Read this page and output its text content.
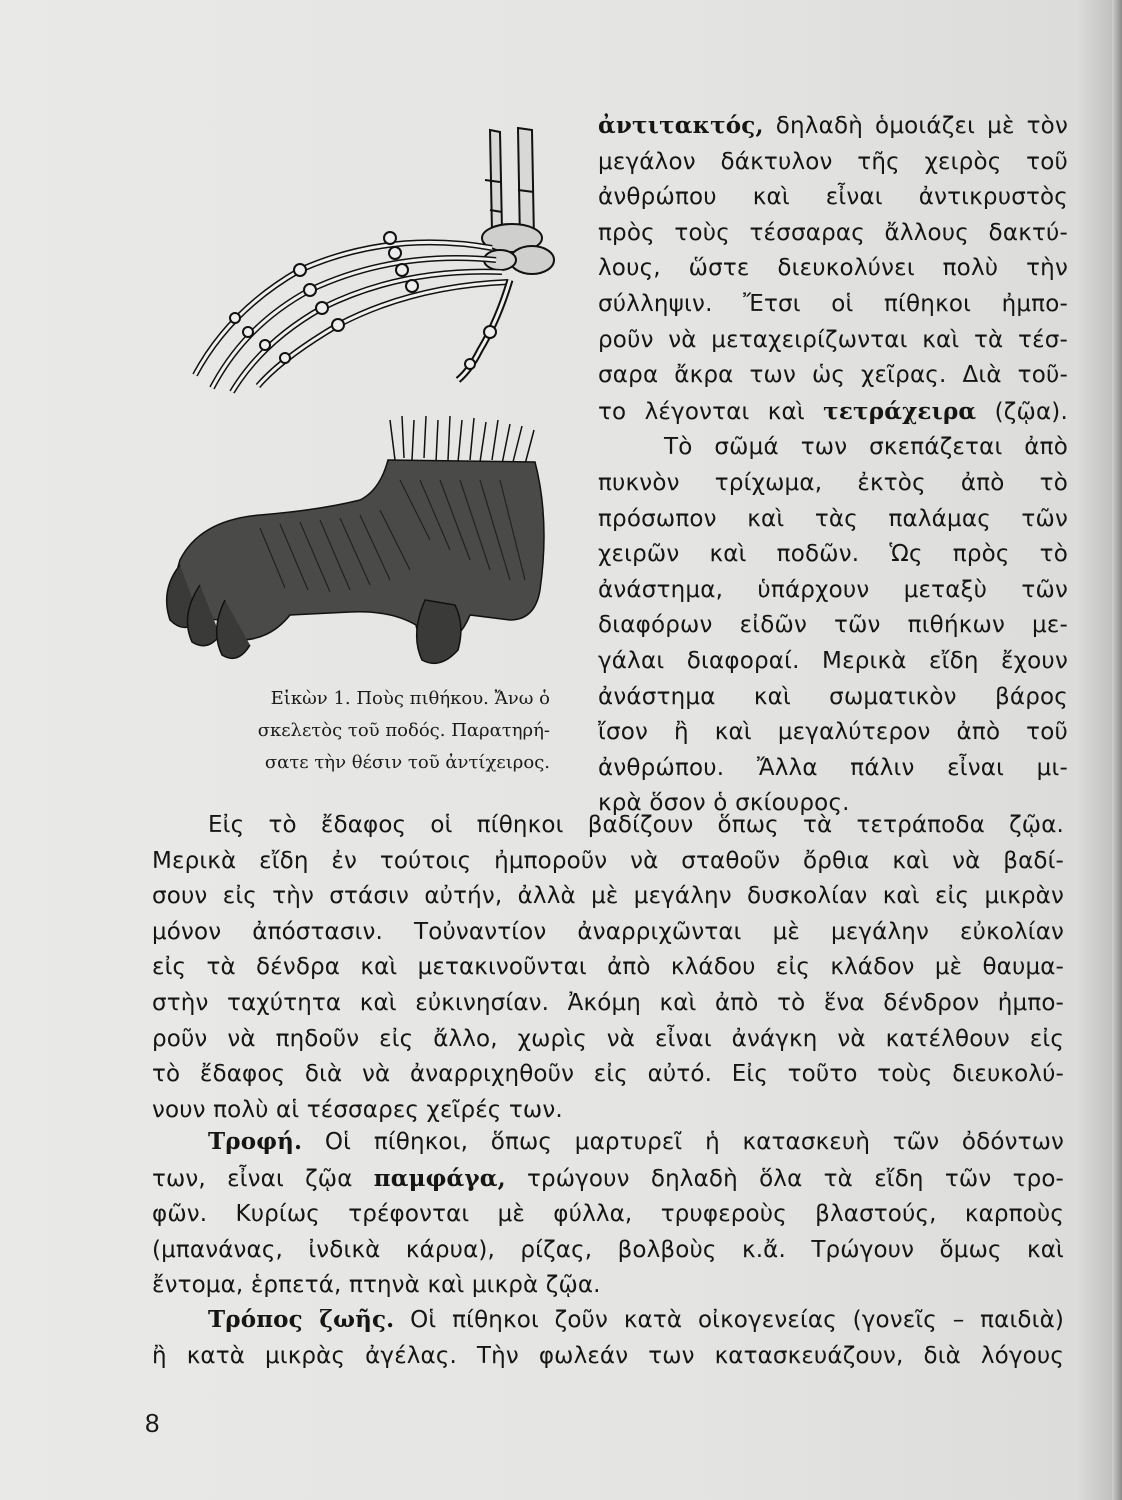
Εἰκὼν 1. Ποὺς πιθήκου. Ἄνω ὁ
σκελετὸς τοῦ ποδός. Παρατηρή-
σατε τὴν θέσιν τοῦ ἀντίχειρος.
ἀντιτακτός, δηλαδὴ ὁμοιάζει μὲ τὸν
μεγάλον δάκτυλον τῆς χειρὸς τοῦ
ἀνθρώπου καὶ εἶναι ἀντικρυστὸς
πρὸς τοὺς τέσσαρας ἄλλους δακτύ-
λους, ὥστε διευκολύνει πολὺ τὴν
σύλληψιν. Ἔτσι οἱ πίθηκοι ἠμπο-
ροῦν νὰ μεταχειρίζωνται καὶ τὰ τέσ-
σαρα ἄκρα των ὡς χεῖρας. Διὰ τοῦ-
το λέγονται καὶ τετράχειρα (ζῷα).
Τὸ σῶμά των σκεπάζεται ἀπὸ
πυκνὸν τρίχωμα, ἐκτὸς ἀπὸ τὸ
πρόσωπον καὶ τὰς παλάμας τῶν
χειρῶν καὶ ποδῶν. Ὡς πρὸς τὸ
ἀνάστημα, ὑπάρχουν μεταξὺ τῶν
διαφόρων εἰδῶν τῶν πιθήκων με-
γάλαι διαφοραί. Μερικὰ εἴδη ἔχουν
ἀνάστημα καὶ σωματικὸν βάρος
ἴσον ἢ καὶ μεγαλύτερον ἀπὸ τοῦ
ἀνθρώπου. Ἄλλα πάλιν εἶναι μι-
κρὰ ὅσον ὁ σκίουρος.
Εἰς τὸ ἔδαφος οἱ πίθηκοι βαδίζουν ὅπως τὰ τετράποδα ζῷα.
Μερικὰ εἴδη ἐν τούτοις ἠμποροῦν νὰ σταθοῦν ὄρθια καὶ νὰ βαδί-
σουν εἰς τὴν στάσιν αὐτήν, ἀλλὰ μὲ μεγάλην δυσκολίαν καὶ εἰς μικρὰν
μόνον ἀπόστασιν. Τοὐναντίον ἀναρριχῶνται μὲ μεγάλην εὐκολίαν
εἰς τὰ δένδρα καὶ μετακινοῦνται ἀπὸ κλάδου εἰς κλάδον μὲ θαυμα-
στὴν ταχύτητα καὶ εὐκινησίαν. Ἀκόμη καὶ ἀπὸ τὸ ἕνα δένδρον ἠμπο-
ροῦν νὰ πηδοῦν εἰς ἄλλο, χωρὶς νὰ εἶναι ἀνάγκη νὰ κατέλθουν εἰς
τὸ ἔδαφος διὰ νὰ ἀναρριχηθοῦν εἰς αὐτό. Εἰς τοῦτο τοὺς διευκολύ-
νουν πολὺ αἱ τέσσαρες χεῖρές των.
Τροφή. Οἱ πίθηκοι, ὅπως μαρτυρεῖ ἡ κατασκευὴ τῶν ὀδόντων
των, εἶναι ζῷα παμφάγα, τρώγουν δηλαδὴ ὅλα τὰ εἴδη τῶν τρο-
φῶν. Κυρίως τρέφονται μὲ φύλλα, τρυφεροὺς βλαστούς, καρποὺς
(μπανάνας, ἰνδικὰ κάρυα), ρίζας, βολβοὺς κ.ἄ. Τρώγουν ὅμως καὶ
ἔντομα, ἑρπετά, πτηνὰ καὶ μικρὰ ζῷα.
Τρόπος ζωῆς. Οἱ πίθηκοι ζοῦν κατὰ οἰκογενείας (γονεῖς – παιδιὰ)
ἢ κατὰ μικρὰς ἀγέλας. Τὴν φωλεάν των κατασκευάζουν, διὰ λόγους
8
